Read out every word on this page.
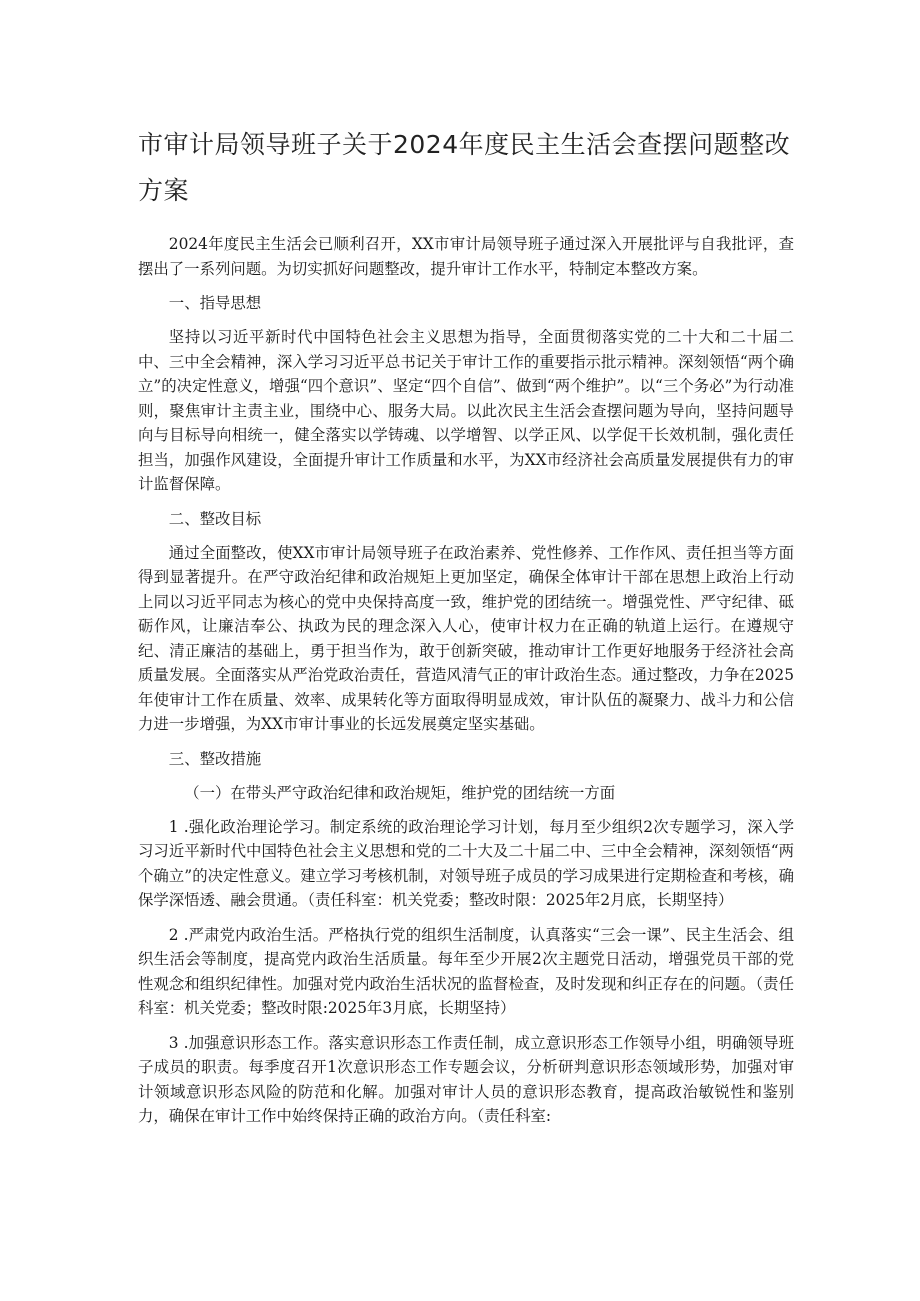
市审计局领导班子关于2024年度民主生活会查摆问题整改方案

2024年度民主生活会已顺利召开，XX市审计局领导班子通过深入开展批评与自我批评，查摆出了一系列问题。为切实抓好问题整改，提升审计工作水平，特制定本整改方案。

一、指导思想

坚持以习近平新时代中国特色社会主义思想为指导，全面贯彻落实党的二十大和二十届二中、三中全会精神，深入学习习近平总书记关于审计工作的重要指示批示精神。深刻领悟“两个确立”的决定性意义，增强“四个意识”、坚定“四个自信”、做到“两个维护”。以“三个务必”为行动准则，聚焦审计主责主业，围绕中心、服务大局。以此次民主生活会查摆问题为导向，坚持问题导向与目标导向相统一，健全落实以学铸魂、以学增智、以学正风、以学促干长效机制，强化责任担当，加强作风建设，全面提升审计工作质量和水平，为XX市经济社会高质量发展提供有力的审计监督保障。

二、整改目标

通过全面整改，使XX市审计局领导班子在政治素养、党性修养、工作作风、责任担当等方面得到显著提升。在严守政治纪律和政治规矩上更加坚定，确保全体审计干部在思想上政治上行动上同以习近平同志为核心的党中央保持高度一致，维护党的团结统一。增强党性、严守纪律、砥砺作风，让廉洁奉公、执政为民的理念深入人心，使审计权力在正确的轨道上运行。在遵规守纪、清正廉洁的基础上，勇于担当作为，敢于创新突破，推动审计工作更好地服务于经济社会高质量发展。全面落实从严治党政治责任，营造风清气正的审计政治生态。通过整改，力争在2025年使审计工作在质量、效率、成果转化等方面取得明显成效，审计队伍的凝聚力、战斗力和公信力进一步增强，为XX市审计事业的长远发展奠定坚实基础。

三、整改措施

（一）在带头严守政治纪律和政治规矩，维护党的团结统一方面

1 .强化政治理论学习。制定系统的政治理论学习计划，每月至少组织2次专题学习，深入学习习近平新时代中国特色社会主义思想和党的二十大及二十届二中、三中全会精神，深刻领悟“两个确立”的决定性意义。建立学习考核机制，对领导班子成员的学习成果进行定期检查和考核，确保学深悟透、融会贯通。（责任科室：机关党委；整改时限：2025年2月底，长期坚持）

2 .严肃党内政治生活。严格执行党的组织生活制度，认真落实“三会一课”、民主生活会、组织生活会等制度，提高党内政治生活质量。每年至少开展2次主题党日活动，增强党员干部的党性观念和组织纪律性。加强对党内政治生活状况的监督检查，及时发现和纠正存在的问题。（责任科室：机关党委；整改时限:2025年3月底，长期坚持）

3 .加强意识形态工作。落实意识形态工作责任制，成立意识形态工作领导小组，明确领导班子成员的职责。每季度召开1次意识形态工作专题会议，分析研判意识形态领域形势，加强对审计领域意识形态风险的防范和化解。加强对审计人员的意识形态教育，提高政治敏锐性和鉴别力，确保在审计工作中始终保持正确的政治方向。（责任科室:
